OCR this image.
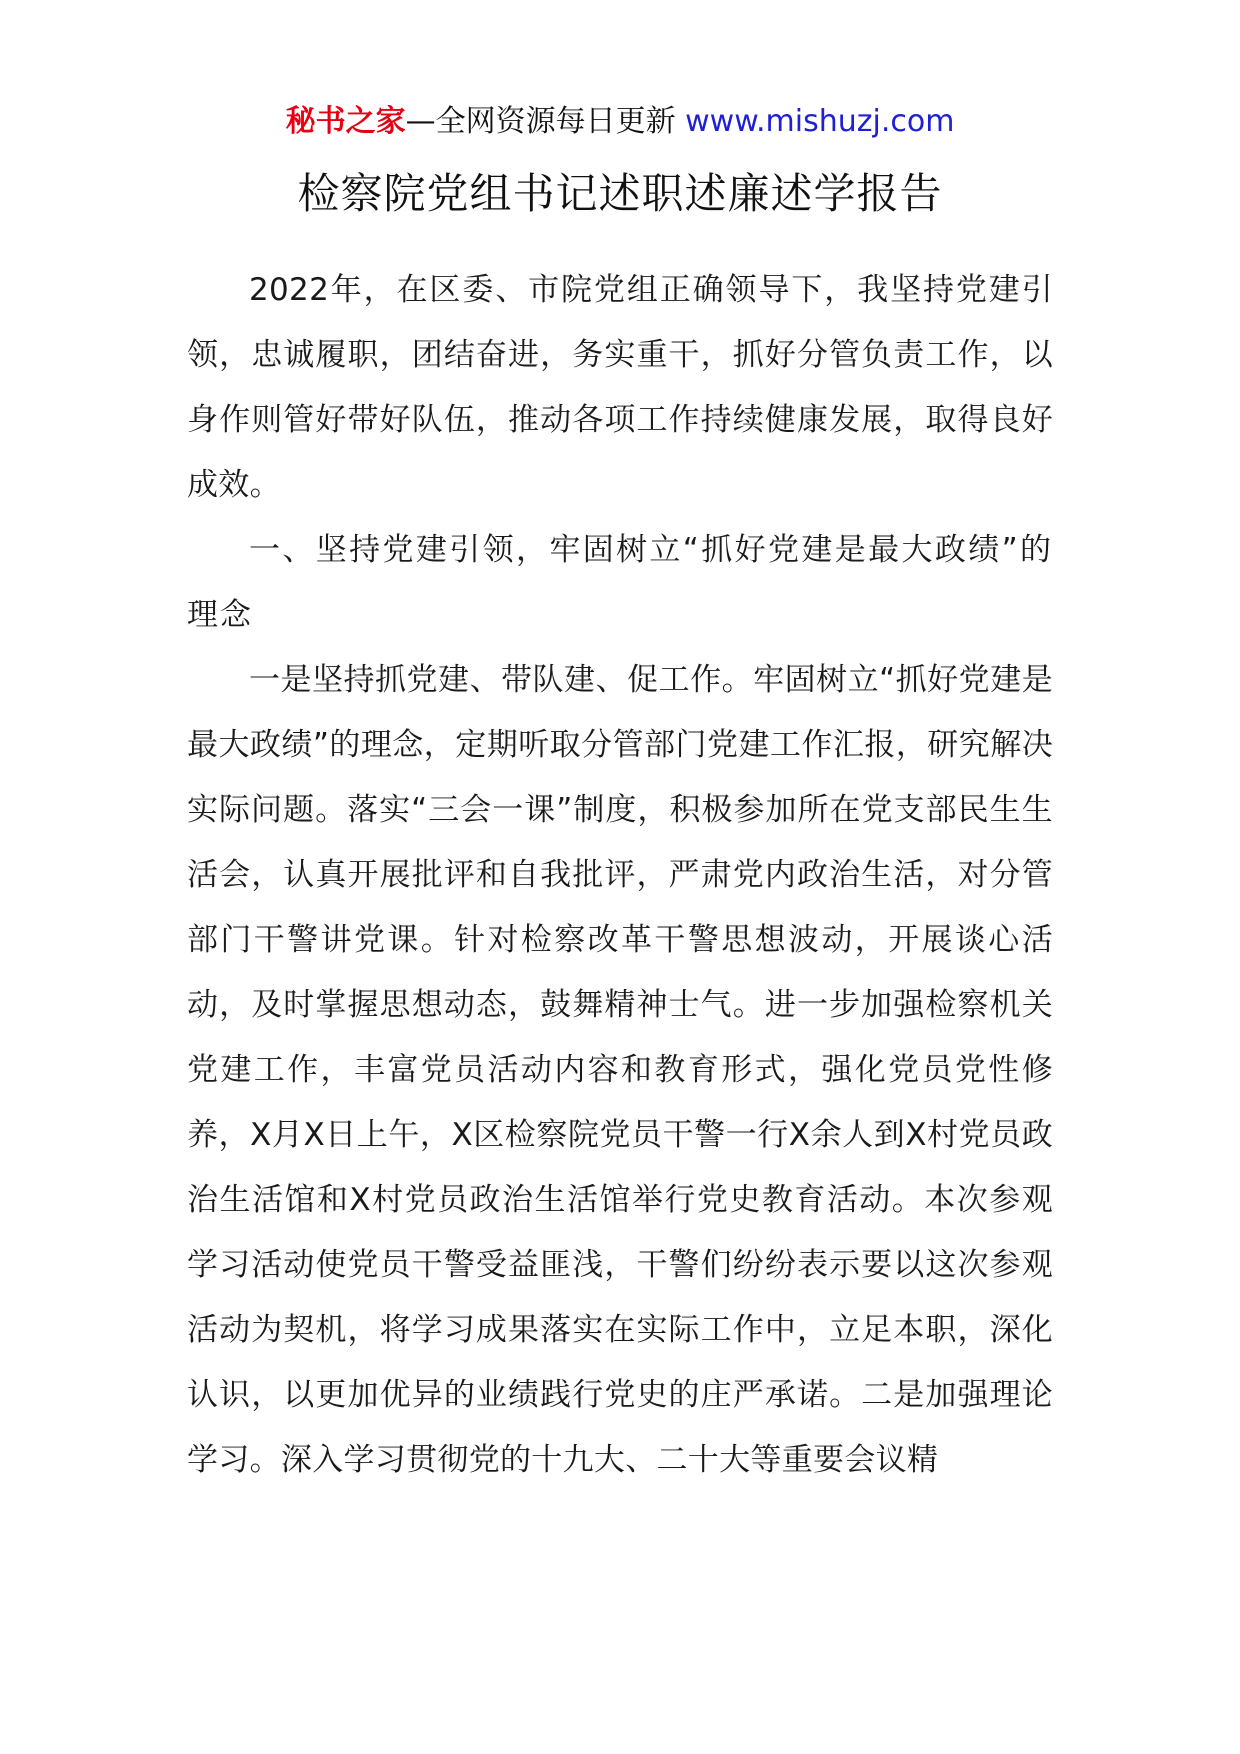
秘书之家—全网资源每日更新 www.mishuzj.com
检察院党组书记述职述廉述学报告

2022年，在区委、市院党组正确领导下，我坚持党建引领，忠诚履职，团结奋进，务实重干，抓好分管负责工作，以身作则管好带好队伍，推动各项工作持续健康发展，取得良好成效。

一、坚持党建引领，牢固树立“抓好党建是最大政绩”的理念

一是坚持抓党建、带队建、促工作。牢固树立“抓好党建是最大政绩”的理念，定期听取分管部门党建工作汇报，研究解决实际问题。落实“三会一课”制度，积极参加所在党支部民生生活会，认真开展批评和自我批评，严肃党内政治生活，对分管部门干警讲党课。针对检察改革干警思想波动，开展谈心活动，及时掌握思想动态，鼓舞精神士气。进一步加强检察机关党建工作，丰富党员活动内容和教育形式，强化党员党性修养，X月X日上午，X区检察院党员干警一行X余人到X村党员政治生活馆和X村党员政治生活馆举行党史教育活动。本次参观学习活动使党员干警受益匪浅，干警们纷纷表示要以这次参观活动为契机，将学习成果落实在实际工作中，立足本职，深化认识，以更加优异的业绩践行党史的庄严承诺。二是加强理论学习。深入学习贯彻党的十九大、二十大等重要会议精
